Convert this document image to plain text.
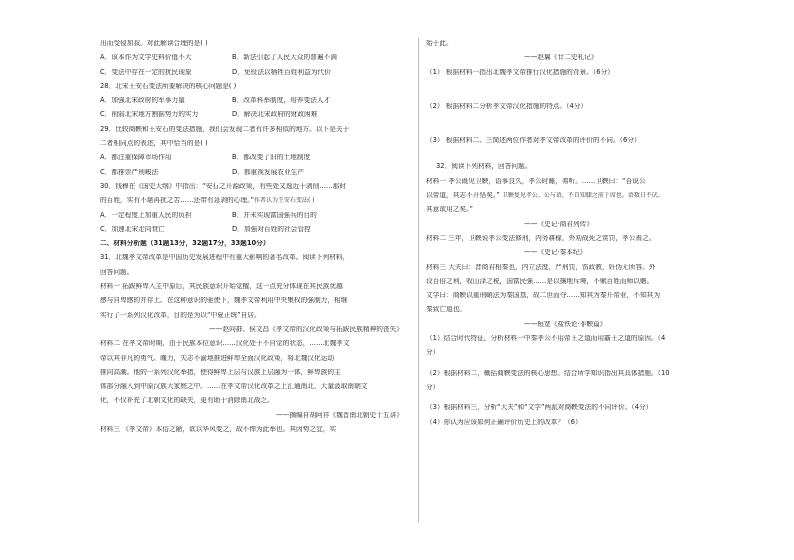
出而受侵加叔。对此解读合理的是( )
A．该本作为文学史料价值不大	B．新法引起了人民大众的普遍不满
C．变法中存在一定的扰民现象	D．免役法以牺牲百姓利益为代价
28．北宋王安石变法所要解决的核心问题是( )
A．加强北宋政府的军事力量	B．改革科举制度，培养变法人才
C．削弱北宋地方割据势力的实力	D．解决北宋政府的财政困难
29．比较商鞅和王安石的变法措施，我们会发现二者有许多相似的地方。以下是关于
二者相同点的表述，其中恰当的是( )
A．都注重保障市场作用	B．都改变了旧的土地制度
C．都推崇严刑峻法	D．都重视发展农业生产
30．钱穆在《国史大纲》中指出：“安石之开源政策，有些处又逸近于剥削……那时
的百姓，实有不堪再扰之苦……还带有急剥的心理。”作者认为王安石变法( )
A．一定程度上加重人民的负担	B．并未实现富国强兵的目的
C．加速北宋走向衰亡	D．加强对百姓的社会管控
二、材料分析题（31题13分，32题17分，33题10分）
31．北魏孝文帝改革是中国历史发展进程中有重大影响的著名改革。阅读下列材料，
回答问题。
材料一 拓跋鲜卑入主中原后，其民族意识开始觉醒，这一点充分体现在其民族优越
感与自卑感的并存上。在这种意识的驱使下，魏孝文帝利用中央集权的强制力，相继
实行了一系列汉化改革，目的是为以“中夏正统”自居。
——赵向群、侯文昌《孝文帝的汉化政策与拓跋民族精神的丧失》
材料二 在孝文帝时期，由于民族本位意识……汉化处于不自觉的状态，……北魏孝文
帝以其非凡的勇气、魄力，矢志不渝地推进鲜卑全面汉化政策，将北魏汉化运动
推向高潮。他的一系列汉化举措，使得鲜卑上层与汉族上层融为一体，鲜卑族的主
体部分融入到中原汉族大家庭之中。……在孝文帝汉化改革之上汇通南北，大量汲取南朝文
化，不仅补充了北朝文化的缺失，更有助于消除南北战乏。
——摘编自胡阿祥《魏晋南北朝史十五讲》
材料三 《孝文帝》本俗之陋，欲以华风变之，故不惮为此举也。其因势之宜，实
始于此。
——赵翼《廿二史札记》
（1） 根据材料一指出北魏孝文帝推行汉化措施的背景。（6分）
（2） 根据材料二分析孝文帝汉化措施的特点。（4分）
（3） 根据材料二、三简述两位作者对孝文帝改革的评价的不同。（6分）
32．阅读下列材料，回答问题。
材料一 孝公既见卫鞅，语事良久，孝公时睡，弗听。……卫鞅曰：“吾说公
以帝道，其志不开悟矣。” 卫鞅复见孝公。公与语，不自知膝之前于席也。语数日不厌。
其意欲用之矣。”
——《史记·商君列传》
材料二 三年，卫鞅说孝公变法修刑，内务耕稼，外劝战死之赏罚，孝公善之。
——《史记·秦本纪》
材料三 大夫曰：昔商君相秦也，内立法度，严刑罚，饬政教，奸伪无所容。外
设百倍之利，收山泽之税，国富民强……是以攘地斥境，不赋百姓而师以赡。
文学曰：商鞅以重刑峭法为秦国基，故二世而夺……知其为秦开帝业，不知其为
秦致亡道也。
——桓宽《盐铁论·非鞅篇》
（1）结合时代特征，分析材料一中秦孝公不用帝王之道而用霸王之道的原因。（4
分）
（2）根据材料二，概括商鞅变法的核心思想。结合所学知识指出其具体措施。（10
分）
（3）根据材料三，分析“大夫”和“文学”两派对商鞅变法的不同评价。（4分）
（4）你认为应该如何正确评价历史上的改革？（6）
